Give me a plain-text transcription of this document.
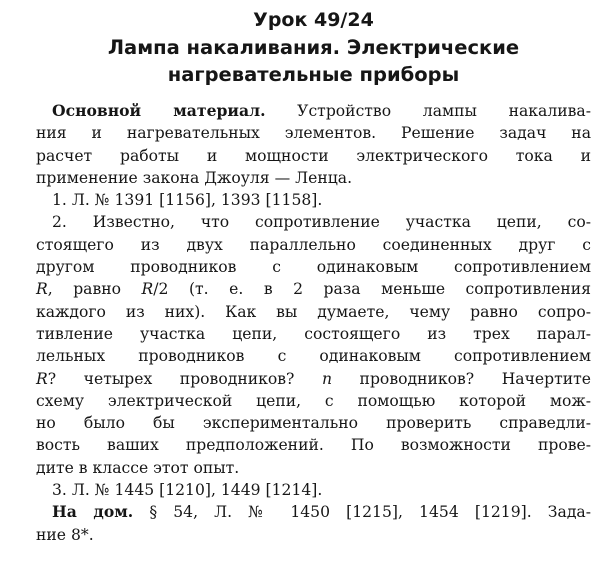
Урок 49/24
Лампа накаливания. Электрические
нагревательные приборы
Основной материал. Устройство лампы накалива-
ния и нагревательных элементов. Решение задач на
расчет работы и мощности электрического тока и
применение закона Джоуля — Ленца.
1. Л. № 1391 [1156], 1393 [1158].
2. Известно, что сопротивление участка цепи, со-
стоящего из двух параллельно соединенных друг с
другом проводников с одинаковым сопротивлением
R, равно R/2 (т. е. в 2 раза меньше сопротивления
каждого из них). Как вы думаете, чему равно сопро-
тивление участка цепи, состоящего из трех парал-
лельных проводников с одинаковым сопротивлением
R? четырех проводников? n проводников? Начертите
схему электрической цепи, с помощью которой мож-
но было бы экспериментально проверить справедли-
вость ваших предположений. По возможности прове-
дите в классе этот опыт.
3. Л. № 1445 [1210], 1449 [1214].
На дом. § 54, Л. № 1450 [1215], 1454 [1219]. Зада-
ние 8*.
